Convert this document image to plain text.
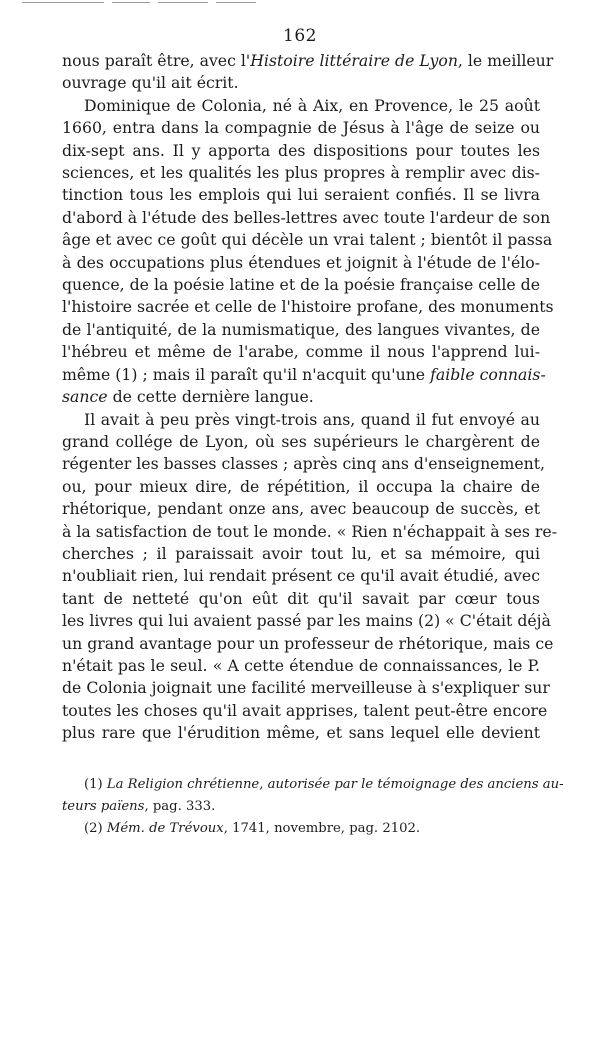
162

nous paraît être, avec l'Histoire littéraire de Lyon, le meilleur
ouvrage qu'il ait écrit.

Dominique de Colonia, né à Aix, en Provence, le 25 août
1660, entra dans la compagnie de Jésus à l'âge de seize ou
dix-sept ans. Il y apporta des dispositions pour toutes les
sciences, et les qualités les plus propres à remplir avec dis-
tinction tous les emplois qui lui seraient confiés. Il se livra
d'abord à l'étude des belles-lettres avec toute l'ardeur de son
âge et avec ce goût qui décèle un vrai talent ; bientôt il passa
à des occupations plus étendues et joignit à l'étude de l'élo-
quence, de la poésie latine et de la poésie française celle de
l'histoire sacrée et celle de l'histoire profane, des monuments
de l'antiquité, de la numismatique, des langues vivantes, de
l'hébreu et même de l'arabe, comme il nous l'apprend lui-
même (1) ; mais il paraît qu'il n'acquit qu'une faible connais-
sance de cette dernière langue.

Il avait à peu près vingt-trois ans, quand il fut envoyé au
grand collége de Lyon, où ses supérieurs le chargèrent de
régenter les basses classes ; après cinq ans d'enseignement,
ou, pour mieux dire, de répétition, il occupa la chaire de
rhétorique, pendant onze ans, avec beaucoup de succès, et
à la satisfaction de tout le monde. « Rien n'échappait à ses re-
cherches ; il paraissait avoir tout lu, et sa mémoire, qui
n'oubliait rien, lui rendait présent ce qu'il avait étudié, avec
tant de netteté qu'on eût dit qu'il savait par cœur tous
les livres qui lui avaient passé par les mains (2) « C'était déjà
un grand avantage pour un professeur de rhétorique, mais ce
n'était pas le seul. « A cette étendue de connaissances, le P.
de Colonia joignait une facilité merveilleuse à s'expliquer sur
toutes les choses qu'il avait apprises, talent peut-être encore
plus rare que l'érudition même, et sans lequel elle devient

(1) La Religion chrétienne, autorisée par le témoignage des anciens au-
teurs païens, pag. 333.
(2) Mém. de Trévoux, 1741, novembre, pag. 2102.
